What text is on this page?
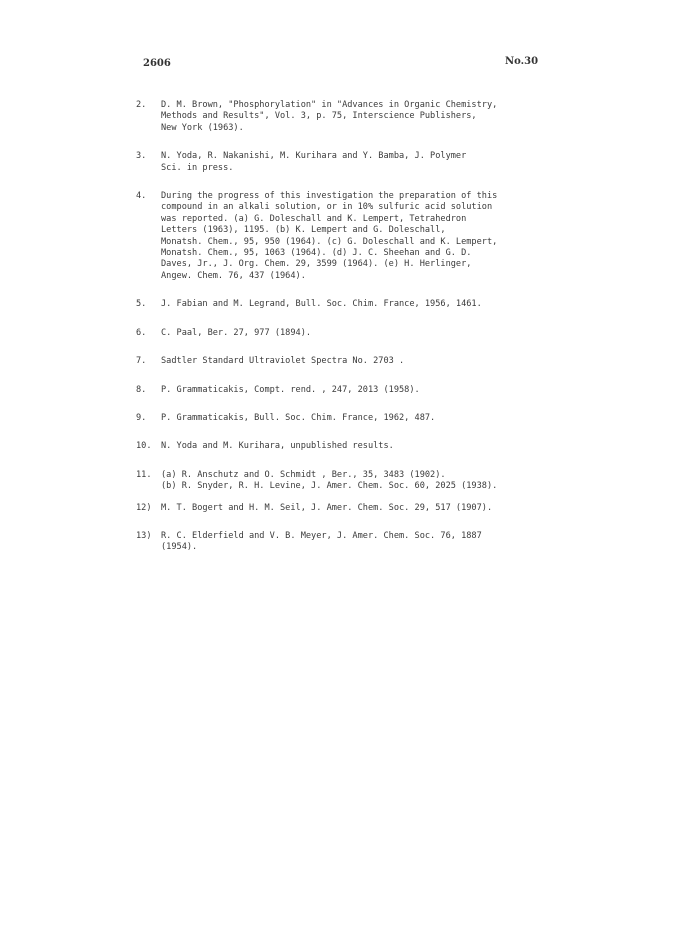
2606	No.30
2. D. M. Brown, "Phosphorylation" in "Advances in Organic Chemistry,
Methods and Results", Vol. 3, p. 75, Interscience Publishers,
New York (1963).
3. N. Yoda, R. Nakanishi, M. Kurihara and Y. Bamba, J. Polymer
Sci. in press.
4. During the progress of this investigation the preparation of this
compound in an alkali solution, or in 10% sulfuric acid solution
was reported. (a) G. Doleschall and K. Lempert, Tetrahedron
Letters (1963), 1195. (b) K. Lempert and G. Doleschall,
Monatsh. Chem., 95, 950 (1964). (c) G. Doleschall and K. Lempert,
Monatsh. Chem., 95, 1063 (1964). (d) J. C. Sheehan and G. D.
Daves, Jr., J. Org. Chem. 29, 3599 (1964). (e) H. Herlinger,
Angew. Chem. 76, 437 (1964).
5. J. Fabian and M. Legrand, Bull. Soc. Chim. France, 1956, 1461.
6. C. Paal, Ber. 27, 977 (1894).
7. Sadtler Standard Ultraviolet Spectra No. 2703 .
8. P. Grammaticakis, Compt. rend. , 247, 2013 (1958).
9. P. Grammaticakis, Bull. Soc. Chim. France, 1962, 487.
10. N. Yoda and M. Kurihara, unpublished results.
11. (a) R. Anschutz and O. Schmidt , Ber., 35, 3483 (1902).
(b) R. Snyder, R. H. Levine, J. Amer. Chem. Soc. 60, 2025 (1938).
12) M. T. Bogert and H. M. Seil, J. Amer. Chem. Soc. 29, 517 (1907).
13) R. C. Elderfield and V. B. Meyer, J. Amer. Chem. Soc. 76, 1887
(1954).
